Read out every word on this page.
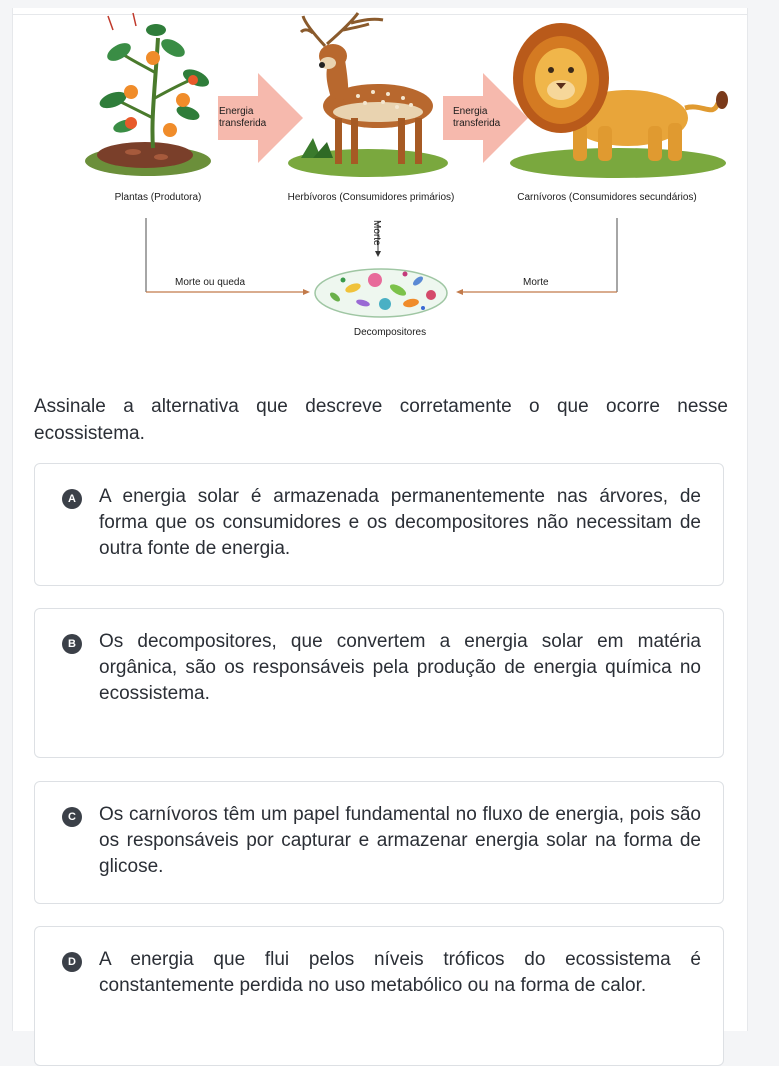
Energia
transferida
Energia
transferida
Plantas (Produtora)	Herbívoros (Consumidores primários)	Carnívoros (Consumidores secundários)
Morte
Morte ou queda	Morte
Decompositores
Assinale a alternativa que descreve corretamente o que ocorre nesse ecossistema.
A	A energia solar é armazenada permanentemente nas árvores, de forma que os consumidores e os decompositores não necessitam de outra fonte de energia.
B	Os decompositores, que convertem a energia solar em matéria orgânica, são os responsáveis pela produção de energia química no ecossistema.
C	Os carnívoros têm um papel fundamental no fluxo de energia, pois são os responsáveis por capturar e armazenar energia solar na forma de glicose.
D	A energia que flui pelos níveis tróficos do ecossistema é constantemente perdida no uso metabólico ou na forma de calor.
